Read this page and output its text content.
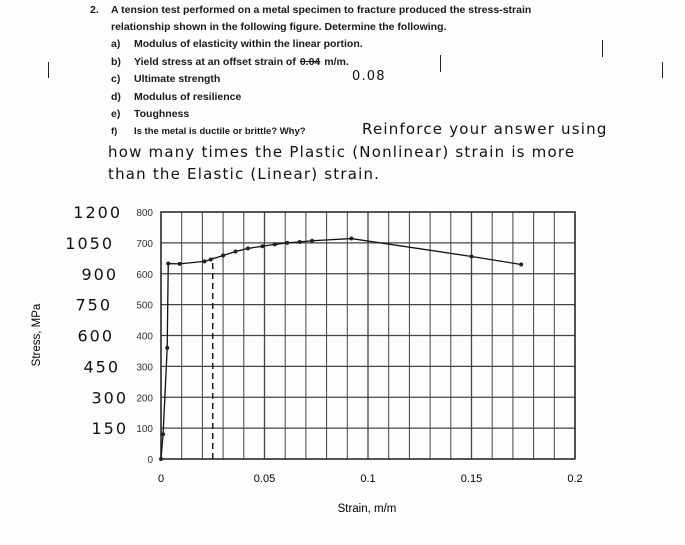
2. A tension test performed on a metal specimen to fracture produced the stress-strain
relationship shown in the following figure. Determine the following.
a) Modulus of elasticity within the linear portion.
b) Yield stress at an offset strain of 0.04 m/m.
c) Ultimate strength
d) Modulus of resilience
e) Toughness
f) Is the metal is ductile or brittle? Why?
0.08
Reinforce your answer using
how many times the Plastic (Nonlinear) strain is more
than the Elastic (Linear) strain.
0	0.05	0.1	0.15	0.2
0
100
200
300
400
500
600
700
800
150
300
450
600
750
900
1050
1200
Strain, m/m
Stress, MPa
